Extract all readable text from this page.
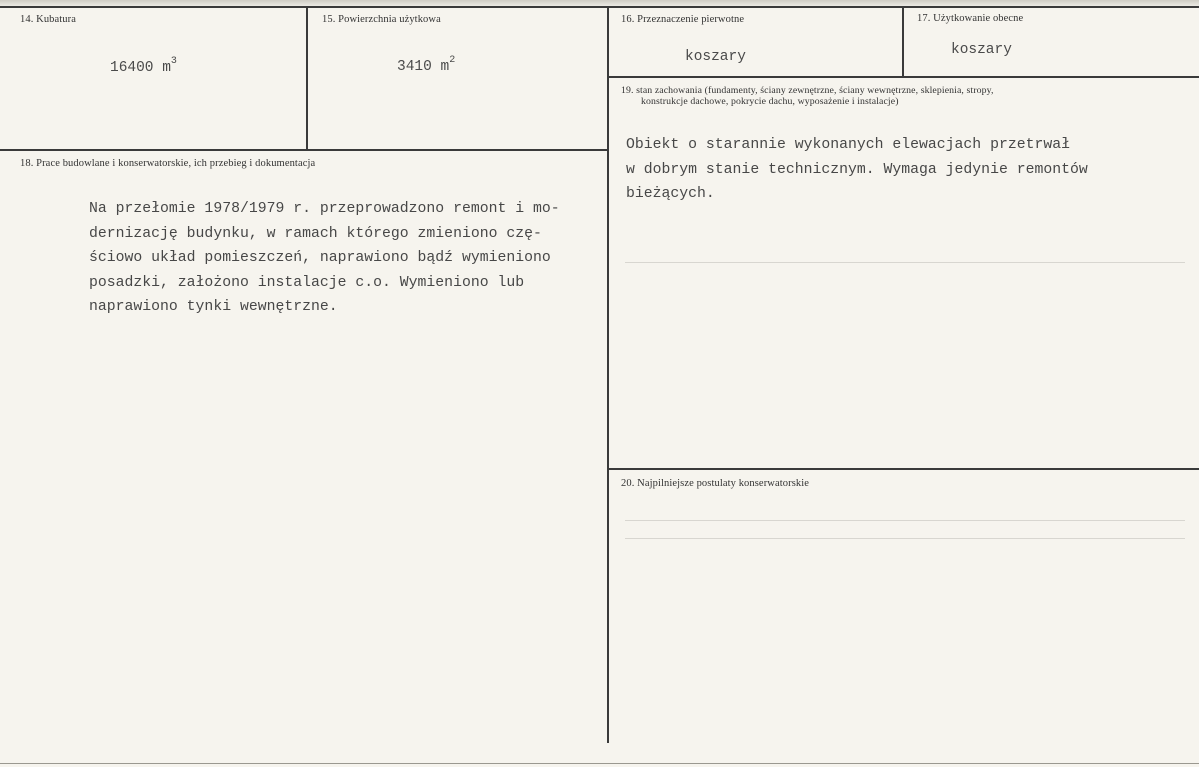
14. Kubatura
16400 $m^3$
15. Powierzchnia użytkowa
3410 $m^2$
16. Przeznaczenie pierwotne
koszary
17. Użytkowanie obecne
koszary
18. Prace budowlane i konserwatorskie, ich przebieg i dokumentacja
Na przełomie 1978/1979 r. przeprowadzono remont i mo-
dernizację budynku, w ramach którego zmieniono czę-
ściowo układ pomieszczeń, naprawiono bądź wymieniono
posadzki, założono instalacje c.o. Wymieniono lub
naprawiono tynki wewnętrzne.
19. stan zachowania (fundamenty, ściany zewnętrzne, ściany wewnętrzne, sklepienia, stropy,
konstrukcje dachowe, pokrycie dachu, wyposażenie i instalacje)
Obiekt o starannie wykonanych elewacjach przetrwał
w dobrym stanie technicznym. Wymaga jedynie remontów
bieżących.
20. Najpilniejsze postulaty konserwatorskie
